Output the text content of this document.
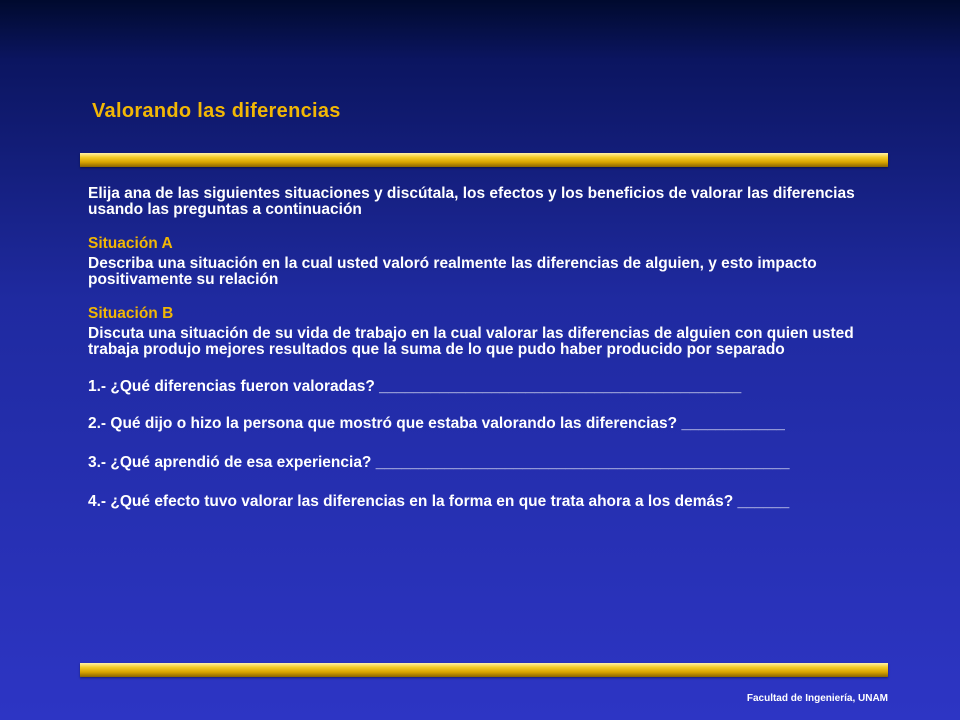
Valorando las diferencias

Elija ana de las siguientes situaciones y discútala, los efectos y los beneficios de valorar las diferencias usando las preguntas a continuación

Situación A

Describa una situación en la cual usted valoró realmente las diferencias de alguien, y esto impacto positivamente su relación

Situación B

Discuta una situación de su vida de trabajo en la cual valorar las diferencias de alguien con quien usted trabaja produjo mejores resultados que la suma de lo que pudo haber producido por separado

1.- ¿Qué diferencias fueron valoradas? __________________________________________

2.- Qué dijo o hizo la persona que mostró que estaba valorando las diferencias? ____________

3.- ¿Qué aprendió de esa experiencia? ________________________________________________

4.- ¿Qué efecto tuvo valorar las diferencias en la forma en que trata ahora a los demás? ______

Facultad de Ingeniería, UNAM
